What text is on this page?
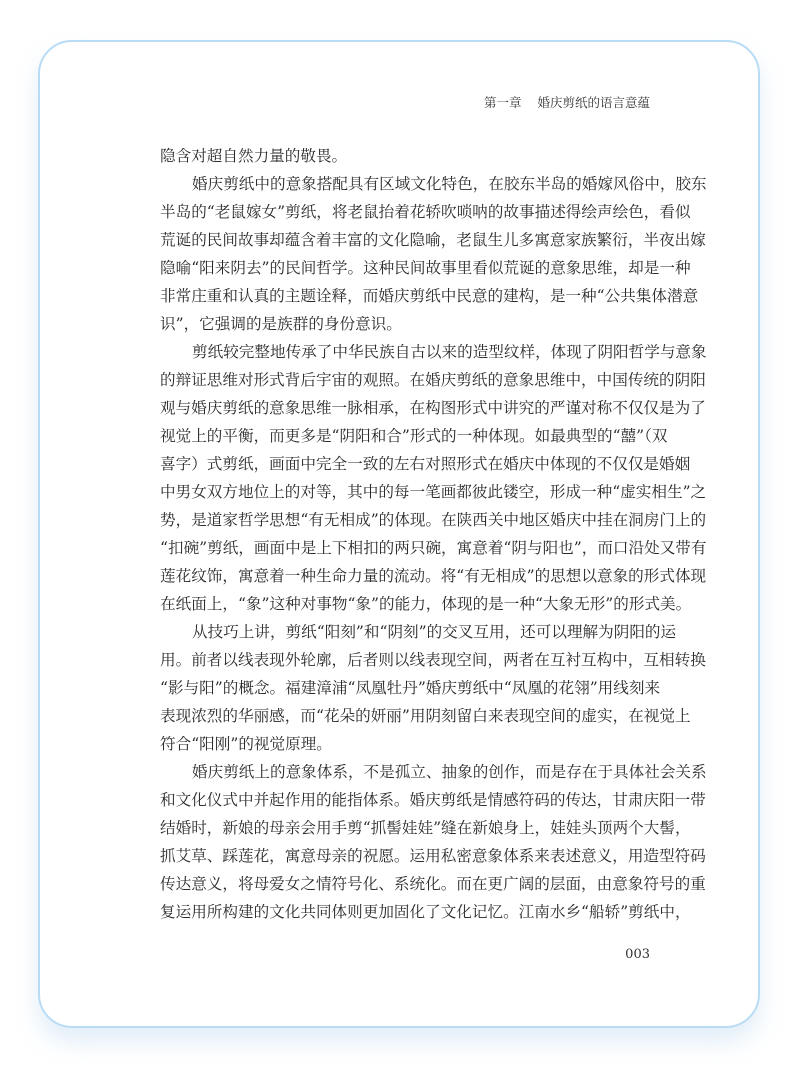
第一章 婚庆剪纸的语言意蕴
隐含对超自然力量的敬畏。
婚庆剪纸中的意象搭配具有区域文化特色，在胶东半岛的婚嫁风俗中，胶东
半岛的“老鼠嫁女”剪纸，将老鼠抬着花轿吹唢呐的故事描述得绘声绘色，看似
荒诞的民间故事却蕴含着丰富的文化隐喻，老鼠生儿多寓意家族繁衍，半夜出嫁
隐喻“阳来阴去”的民间哲学。这种民间故事里看似荒诞的意象思维，却是一种
非常庄重和认真的主题诠释，而婚庆剪纸中民意的建构，是一种“公共集体潜意
识”，它强调的是族群的身份意识。
剪纸较完整地传承了中华民族自古以来的造型纹样，体现了阴阳哲学与意象
的辩证思维对形式背后宇宙的观照。在婚庆剪纸的意象思维中，中国传统的阴阳
观与婚庆剪纸的意象思维一脉相承，在构图形式中讲究的严谨对称不仅仅是为了
视觉上的平衡，而更多是“阴阳和合”形式的一种体现。如最典型的“囍”（双
喜字）式剪纸，画面中完全一致的左右对照形式在婚庆中体现的不仅仅是婚姻
中男女双方地位上的对等，其中的每一笔画都彼此镂空，形成一种“虚实相生”之
势，是道家哲学思想“有无相成”的体现。在陕西关中地区婚庆中挂在洞房门上的
“扣碗”剪纸，画面中是上下相扣的两只碗，寓意着“阴与阳也”，而口沿处又带有
莲花纹饰，寓意着一种生命力量的流动。将“有无相成”的思想以意象的形式体现
在纸面上，“象”这种对事物“象”的能力，体现的是一种“大象无形”的形式美。
从技巧上讲，剪纸“阳刻”和“阴刻”的交叉互用，还可以理解为阴阳的运
用。前者以线表现外轮廓，后者则以线表现空间，两者在互衬互构中，互相转换
“影与阳”的概念。福建漳浦“凤凰牡丹”婚庆剪纸中“凤凰的花翎”用线刻来
表现浓烈的华丽感，而“花朵的妍丽”用阴刻留白来表现空间的虚实，在视觉上
符合“阳刚”的视觉原理。
婚庆剪纸上的意象体系，不是孤立、抽象的创作，而是存在于具体社会关系
和文化仪式中并起作用的能指体系。婚庆剪纸是情感符码的传达，甘肃庆阳一带
结婚时，新娘的母亲会用手剪“抓髻娃娃”缝在新娘身上，娃娃头顶两个大髻，
抓艾草、踩莲花，寓意母亲的祝愿。运用私密意象体系来表述意义，用造型符码
传达意义，将母爱女之情符号化、系统化。而在更广阔的层面，由意象符号的重
复运用所构建的文化共同体则更加固化了文化记忆。江南水乡“船轿”剪纸中，
003
